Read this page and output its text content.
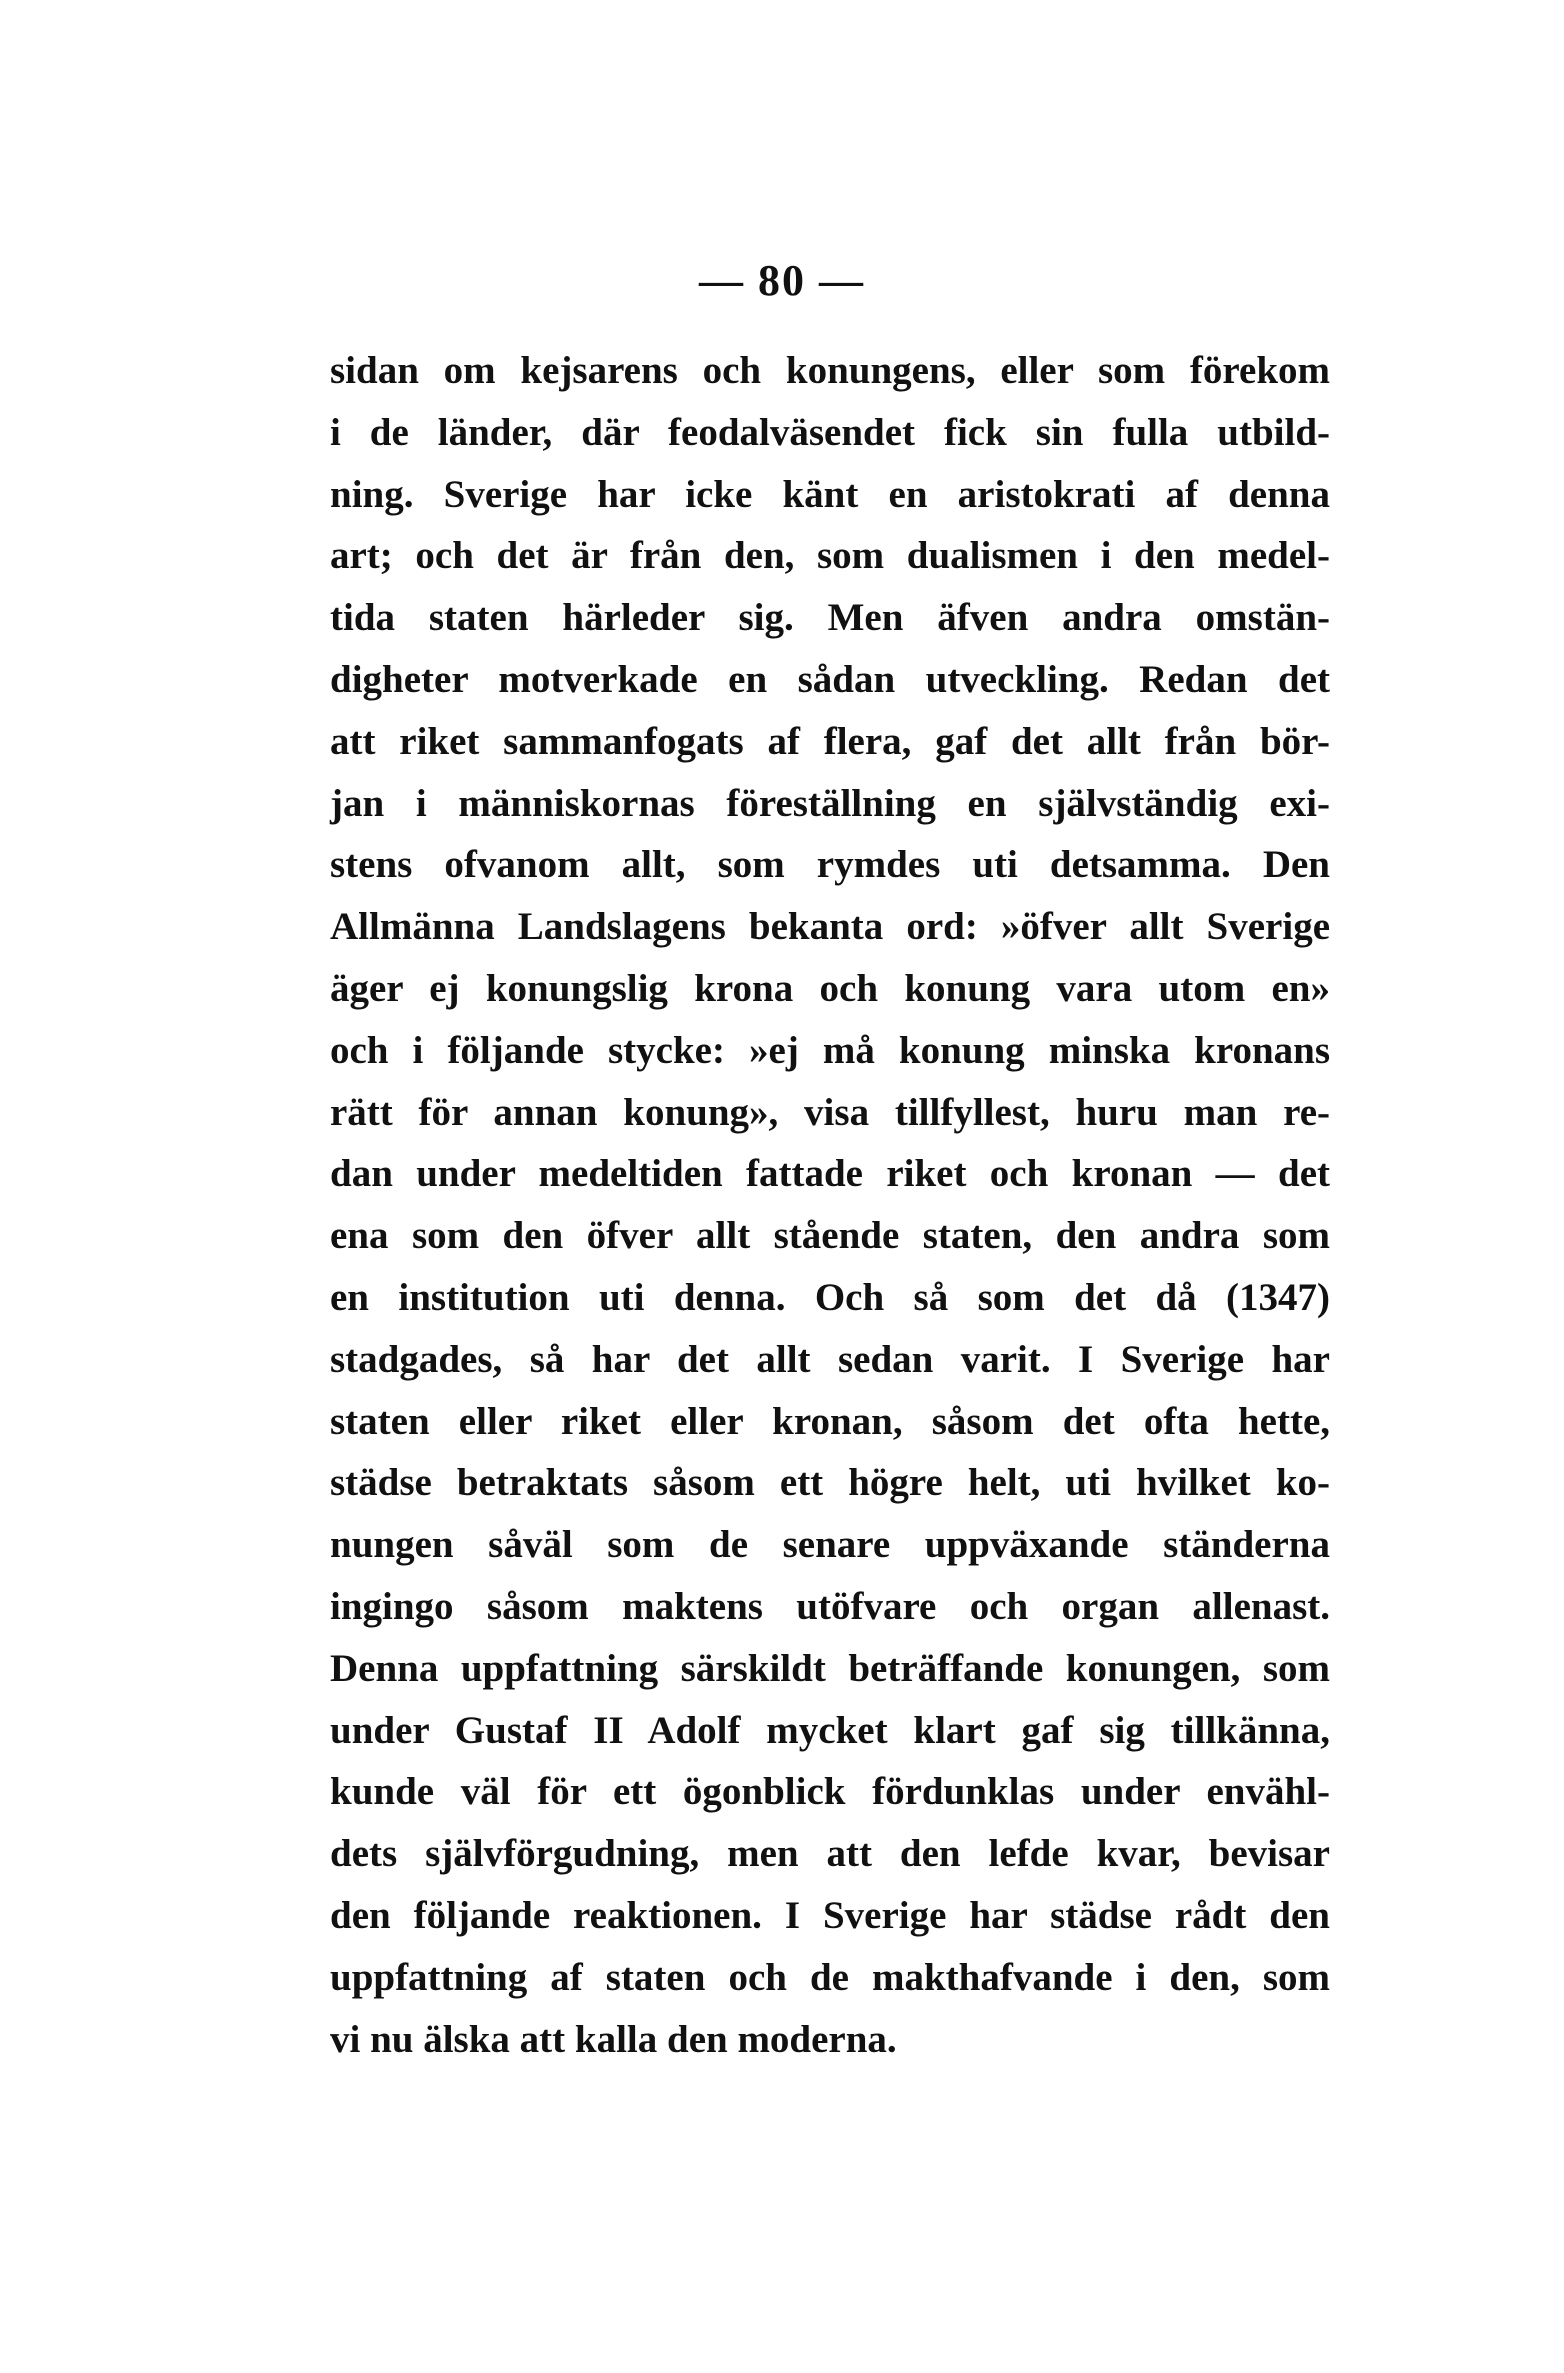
— 80 —
sidan om kejsarens och konungens, eller som förekom
i de länder, där feodalväsendet fick sin fulla utbild-
ning. Sverige har icke känt en aristokrati af denna
art; och det är från den, som dualismen i den medel-
tida staten härleder sig. Men äfven andra omstän-
digheter motverkade en sådan utveckling. Redan det
att riket sammanfogats af flera, gaf det allt från bör-
jan i människornas föreställning en självständig exi-
stens ofvanom allt, som rymdes uti detsamma. Den
Allmänna Landslagens bekanta ord: »öfver allt Sverige
äger ej konungslig krona och konung vara utom en»
och i följande stycke: »ej må konung minska kronans
rätt för annan konung», visa tillfyllest, huru man re-
dan under medeltiden fattade riket och kronan — det
ena som den öfver allt stående staten, den andra som
en institution uti denna. Och så som det då (1347)
stadgades, så har det allt sedan varit. I Sverige har
staten eller riket eller kronan, såsom det ofta hette,
städse betraktats såsom ett högre helt, uti hvilket ko-
nungen såväl som de senare uppväxande ständerna
ingingo såsom maktens utöfvare och organ allenast.
Denna uppfattning särskildt beträffande konungen, som
under Gustaf II Adolf mycket klart gaf sig tillkänna,
kunde väl för ett ögonblick fördunklas under envähl-
dets självförgudning, men att den lefde kvar, bevisar
den följande reaktionen. I Sverige har städse rådt den
uppfattning af staten och de makthafvande i den, som
vi nu älska att kalla den moderna.
